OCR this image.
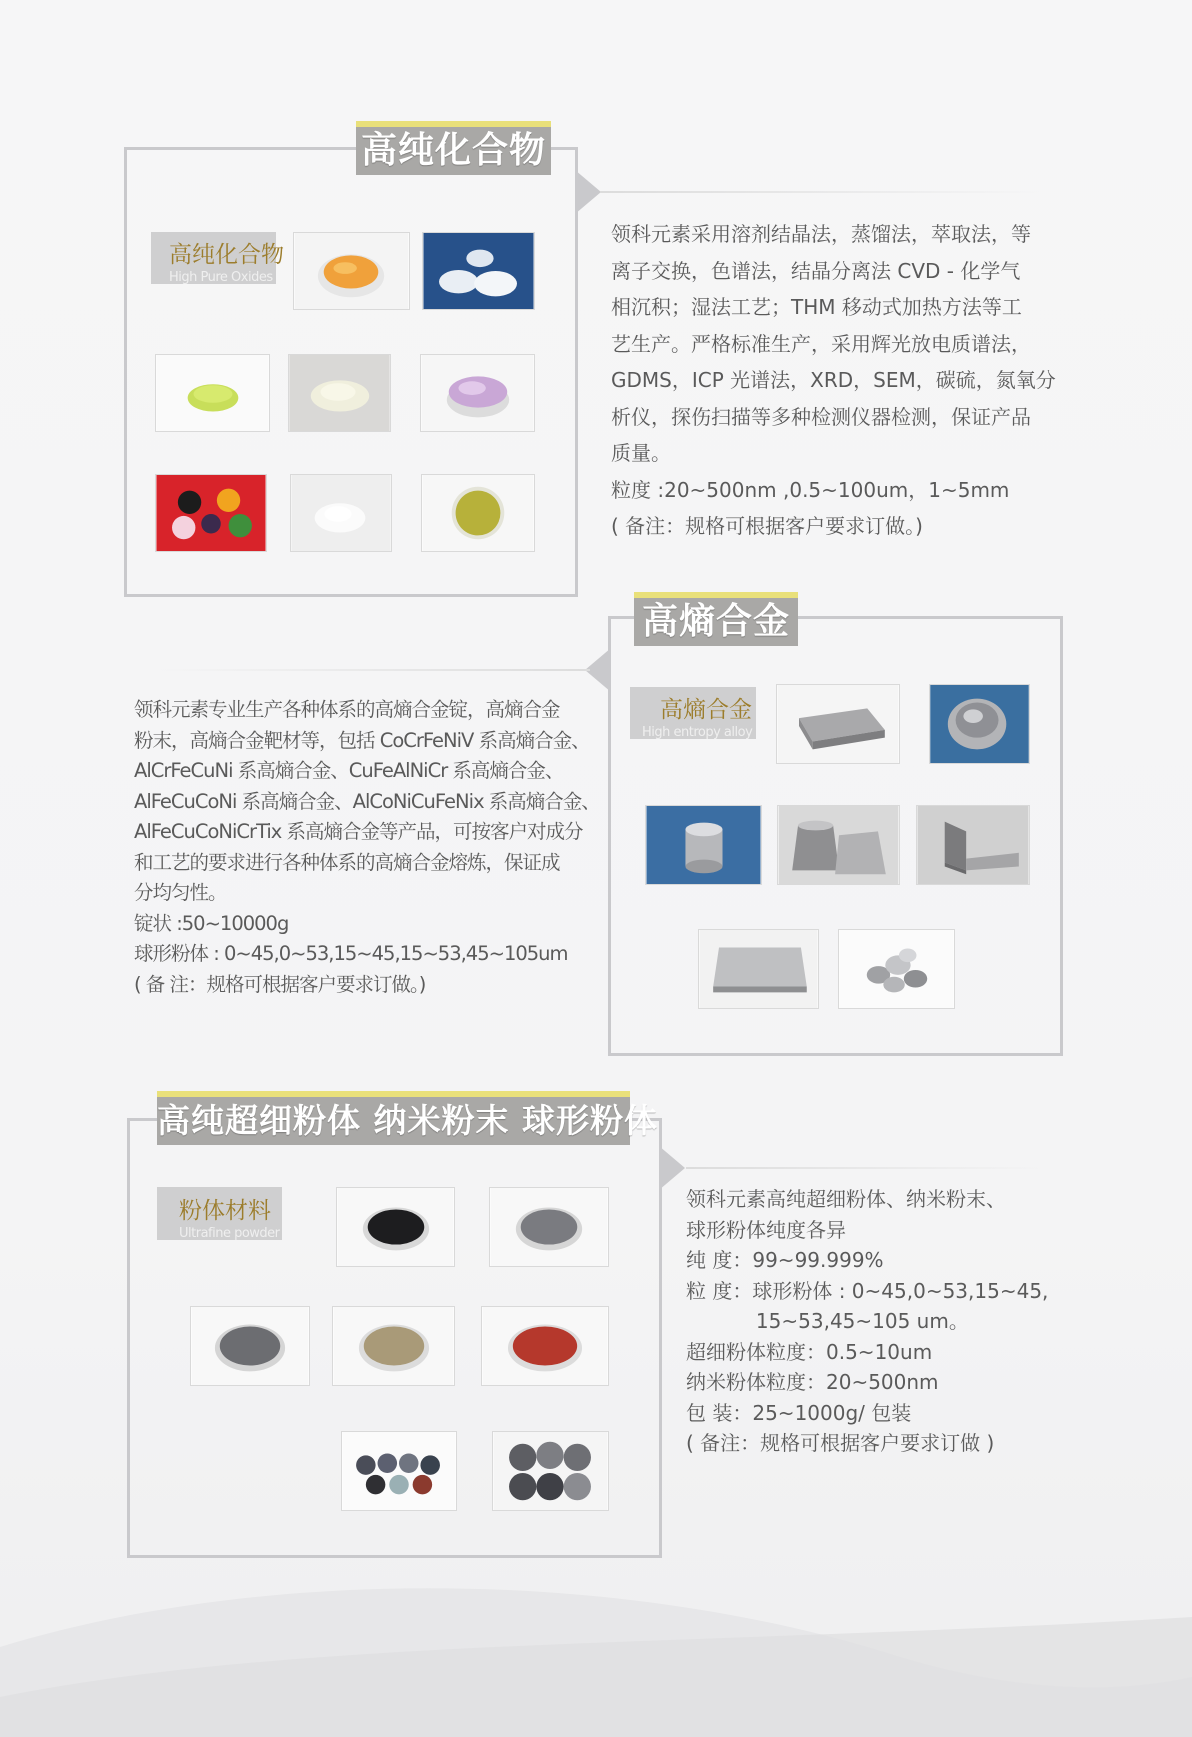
高纯化合物
高纯化合物
High Pure Oxides
领科元素采用溶剂结晶法，蒸馏法，萃取法，等
离子交换，色谱法，结晶分离法 CVD - 化学气
相沉积；湿法工艺；THM 移动式加热方法等工
艺生产。严格标准生产，采用辉光放电质谱法，
GDMS，ICP 光谱法，XRD，SEM，碳硫，氮氧分
析仪，探伤扫描等多种检测仪器检测，保证产品
质量。
粒度 :20~500nm ,0.5~100um，1~5mm
( 备注：规格可根据客户要求订做。)
高熵合金
高熵合金
High entropy alloy
领科元素专业生产各种体系的高熵合金锭，高熵合金
粉末，高熵合金靶材等，包括 CoCrFeNiV 系高熵合金、
AlCrFeCuNi 系高熵合金、CuFeAlNiCr 系高熵合金、
AlFeCuCoNi 系高熵合金、AlCoNiCuFeNix 系高熵合金、
AlFeCuCoNiCrTix 系高熵合金等产品，可按客户对成分
和工艺的要求进行各种体系的高熵合金熔炼，保证成
分均匀性。
锭状 :50~10000g
球形粉体 : 0~45,0~53,15~45,15~53,45~105um
( 备 注：规格可根据客户要求订做。)
高纯超细粉体 纳米粉末 球形粉体
粉体材料
Ultrafine powder
领科元素高纯超细粉体、纳米粉末、
球形粉体纯度各异
纯 度：99~99.999%
粒 度：球形粉体 : 0~45,0~53,15~45,
15~53,45~105 um。
超细粉体粒度：0.5~10um
纳米粉体粒度：20~500nm
包 装：25~1000g/ 包装
( 备注：规格可根据客户要求订做 )
